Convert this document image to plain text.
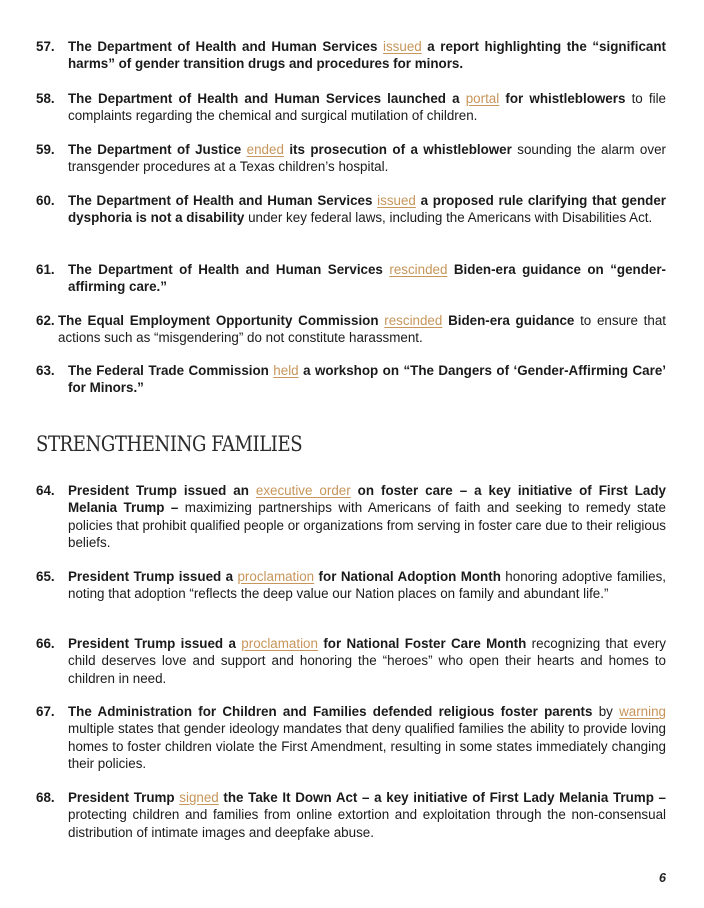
57. The Department of Health and Human Services issued a report highlighting the “significant harms” of gender transition drugs and procedures for minors.
58. The Department of Health and Human Services launched a portal for whistleblowers to file complaints regarding the chemical and surgical mutilation of children.
59. The Department of Justice ended its prosecution of a whistleblower sounding the alarm over transgender procedures at a Texas children’s hospital.
60. The Department of Health and Human Services issued a proposed rule clarifying that gender dysphoria is not a disability under key federal laws, including the Americans with Disabilities Act.
61. The Department of Health and Human Services rescinded Biden-era guidance on “gender-affirming care.”
62. The Equal Employment Opportunity Commission rescinded Biden-era guidance to ensure that actions such as “misgendering” do not constitute harassment.
63. The Federal Trade Commission held a workshop on “The Dangers of ‘Gender-Affirming Care’ for Minors.”
64. President Trump issued an executive order on foster care – a key initiative of First Lady Melania Trump – maximizing partnerships with Americans of faith and seeking to remedy state policies that prohibit qualified people or organizations from serving in foster care due to their religious beliefs.
65. President Trump issued a proclamation for National Adoption Month honoring adoptive families, noting that adoption “reflects the deep value our Nation places on family and abundant life.”
66. President Trump issued a proclamation for National Foster Care Month recognizing that every child deserves love and support and honoring the “heroes” who open their hearts and homes to children in need.
67. The Administration for Children and Families defended religious foster parents by warning multiple states that gender ideology mandates that deny qualified families the ability to provide loving homes to foster children violate the First Amendment, resulting in some states immediately changing their policies.
68. President Trump signed the Take It Down Act – a key initiative of First Lady Melania Trump – protecting children and families from online extortion and exploitation through the non-consensual distribution of intimate images and deepfake abuse.
STRENGTHENING FAMILIES
6
